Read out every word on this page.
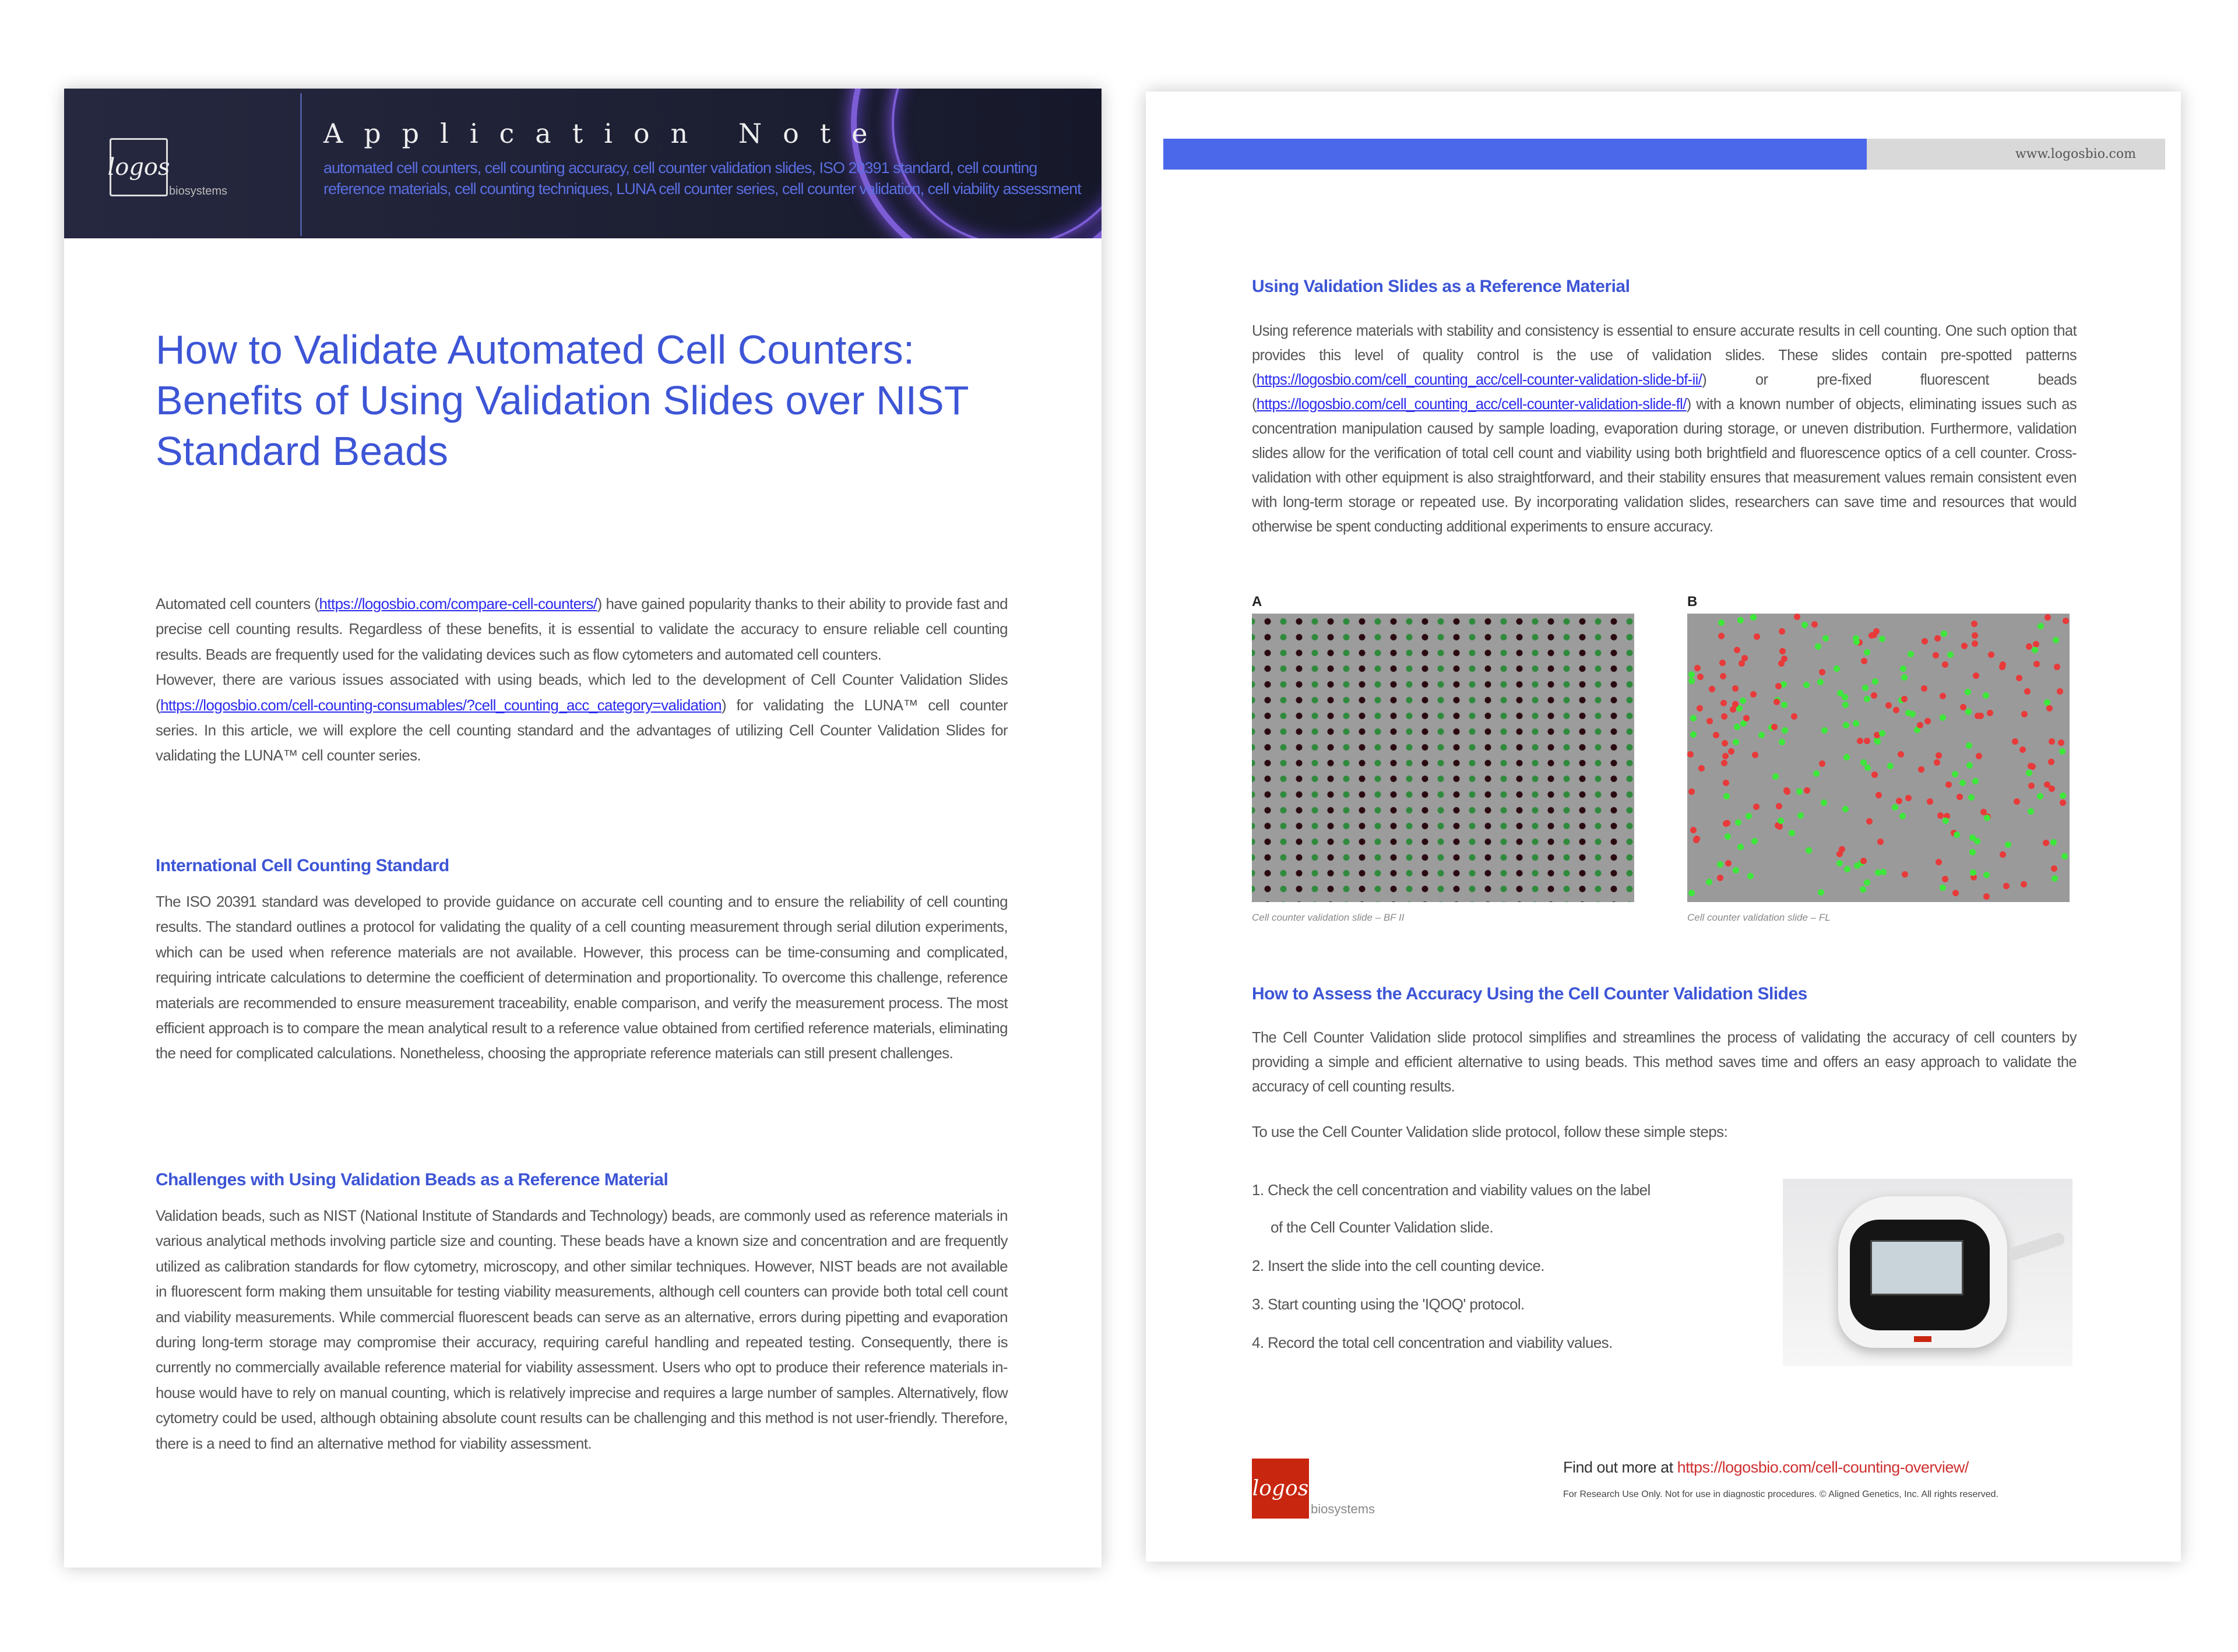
logos
biosystems
Application Note
automated cell counters, cell counting accuracy, cell counter validation slides, ISO 20391 standard, cell counting reference materials, cell counting techniques, LUNA cell counter series, cell counter validation, cell viability assessment
How to Validate Automated Cell Counters: Benefits of Using Validation Slides over NIST Standard Beads

Automated cell counters (https://logosbio.com/compare-cell-counters/) have gained popularity thanks to their ability to provide fast and precise cell counting results. Regardless of these benefits, it is essential to validate the accuracy to ensure reliable cell counting results. Beads are frequently used for the validating devices such as flow cytometers and automated cell counters.

However, there are various issues associated with using beads, which led to the development of Cell Counter Validation Slides (https://logosbio.com/cell-counting-consumables/?cell_counting_acc_category=validation) for validating the LUNA™ cell counter series. In this article, we will explore the cell counting standard and the advantages of utilizing Cell Counter Validation Slides for validating the LUNA™ cell counter series.

International Cell Counting Standard
The ISO 20391 standard was developed to provide guidance on accurate cell counting and to ensure the reliability of cell counting results. The standard outlines a protocol for validating the quality of a cell counting measurement through serial dilution experiments, which can be used when reference materials are not available. However, this process can be time-consuming and complicated, requiring intricate calculations to determine the coefficient of determination and proportionality. To overcome this challenge, reference materials are recommended to ensure measurement traceability, enable comparison, and verify the measurement process. The most efficient approach is to compare the mean analytical result to a reference value obtained from certified reference materials, eliminating the need for complicated calculations. Nonetheless, choosing the appropriate reference materials can still present challenges.
Challenges with Using Validation Beads as a Reference Material
Validation beads, such as NIST (National Institute of Standards and Technology) beads, are commonly used as reference materials in various analytical methods involving particle size and counting. These beads have a known size and concentration and are frequently utilized as calibration standards for flow cytometry, microscopy, and other similar techniques. However, NIST beads are not available in fluorescent form making them unsuitable for testing viability measurements, although cell counters can provide both total cell count and viability measurements. While commercial fluorescent beads can serve as an alternative, errors during pipetting and evaporation during long-term storage may compromise their accuracy, requiring careful handling and repeated testing. Consequently, there is currently no commercially available reference material for viability assessment. Users who opt to produce their reference materials in-house would have to rely on manual counting, which is relatively imprecise and requires a large number of samples. Alternatively, flow cytometry could be used, although obtaining absolute count results can be challenging and this method is not user-friendly. Therefore, there is a need to find an alternative method for viability assessment.
www.logosbio.com
Using Validation Slides as a Reference Material
Using reference materials with stability and consistency is essential to ensure accurate results in cell counting. One such option that provides this level of quality control is the use of validation slides. These slides contain pre-spotted patterns (https://logosbio.com/cell_counting_acc/cell-counter-validation-slide-bf-ii/) or pre-fixed fluorescent beads (https://logosbio.com/cell_counting_acc/cell-counter-validation-slide-fl/) with a known number of objects, eliminating issues such as concentration manipulation caused by sample loading, evaporation during storage, or uneven distribution. Furthermore, validation slides allow for the verification of total cell count and viability using both brightfield and fluorescence optics of a cell counter. Cross-validation with other equipment is also straightforward, and their stability ensures that measurement values remain consistent even with long-term storage or repeated use. By incorporating validation slides, researchers can save time and resources that would otherwise be spent conducting additional experiments to ensure accuracy.
A
Cell counter validation slide – BF II
B
Cell counter validation slide – FL
How to Assess the Accuracy Using the Cell Counter Validation Slides
The Cell Counter Validation slide protocol simplifies and streamlines the process of validating the accuracy of cell counters by providing a simple and efficient alternative to using beads. This method saves time and offers an easy approach to validate the accuracy of cell counting results.
To use the Cell Counter Validation slide protocol, follow these simple steps:
1. Check the cell concentration and viability values on the label
of the Cell Counter Validation slide.
2. Insert the slide into the cell counting device.
3. Start counting using the 'IQOQ' protocol.
4. Record the total cell concentration and viability values.
logos
biosystems
Find out more at https://logosbio.com/cell-counting-overview/
For Research Use Only. Not for use in diagnostic procedures. © Aligned Genetics, Inc. All rights reserved.
